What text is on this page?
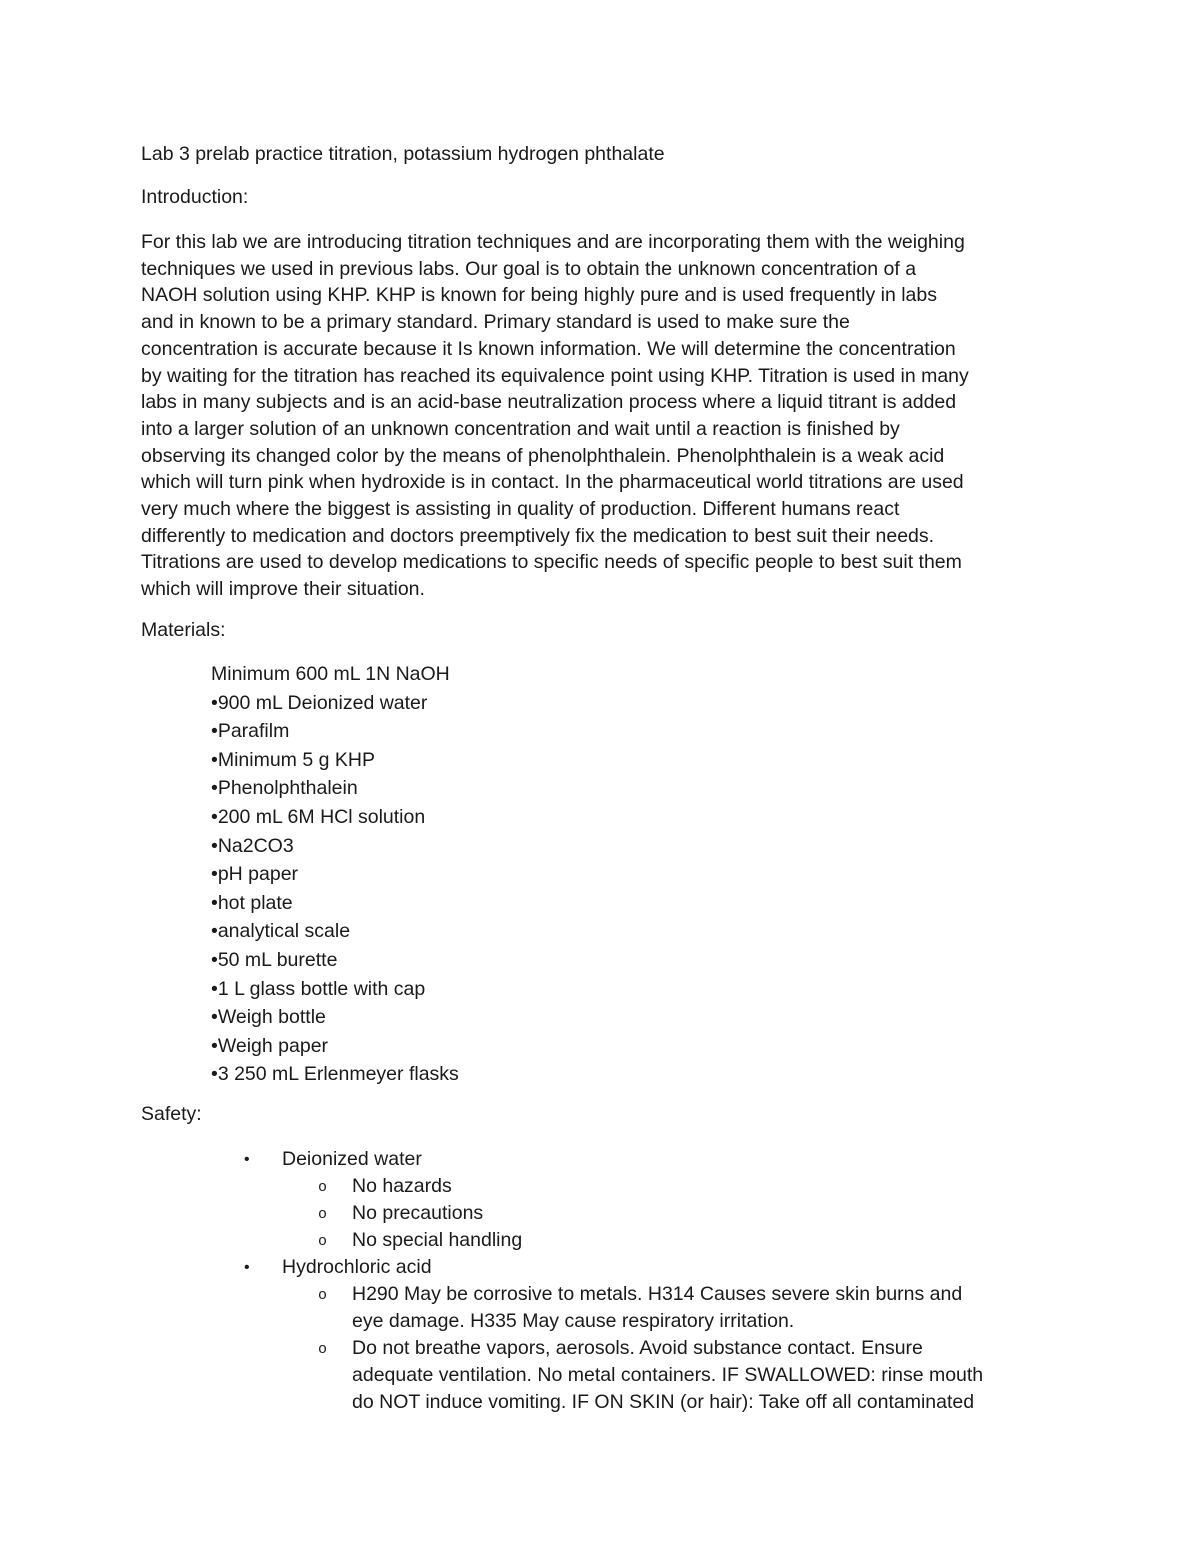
Lab 3 prelab practice titration, potassium hydrogen phthalate
Introduction:

For this lab we are introducing titration techniques and are incorporating them with the weighing
techniques we used in previous labs. Our goal is to obtain the unknown concentration of a
NAOH solution using KHP. KHP is known for being highly pure and is used frequently in labs
and in known to be a primary standard. Primary standard is used to make sure the
concentration is accurate because it Is known information. We will determine the concentration
by waiting for the titration has reached its equivalence point using KHP. Titration is used in many
labs in many subjects and is an acid-base neutralization process where a liquid titrant is added
into a larger solution of an unknown concentration and wait until a reaction is finished by
observing its changed color by the means of phenolphthalein. Phenolphthalein is a weak acid
which will turn pink when hydroxide is in contact. In the pharmaceutical world titrations are used
very much where the biggest is assisting in quality of production. Different humans react
differently to medication and doctors preemptively fix the medication to best suit their needs.
Titrations are used to develop medications to specific needs of specific people to best suit them
which will improve their situation.

Materials:
Minimum 600 mL 1N NaOH
•900 mL Deionized water
•Parafilm
•Minimum 5 g KHP
•Phenolphthalein
•200 mL 6M HCl solution
•Na2CO3
•pH paper
•hot plate
•analytical scale
•50 mL burette
•1 L glass bottle with cap
•Weigh bottle
•Weigh paper
•3 250 mL Erlenmeyer flasks
Safety:
• Deionized water
o No hazards
o No precautions
o No special handling
• Hydrochloric acid
o H290 May be corrosive to metals. H314 Causes severe skin burns and
eye damage. H335 May cause respiratory irritation.
o Do not breathe vapors, aerosols. Avoid substance contact. Ensure
adequate ventilation. No metal containers. IF SWALLOWED: rinse mouth
do NOT induce vomiting. IF ON SKIN (or hair): Take off all contaminated
